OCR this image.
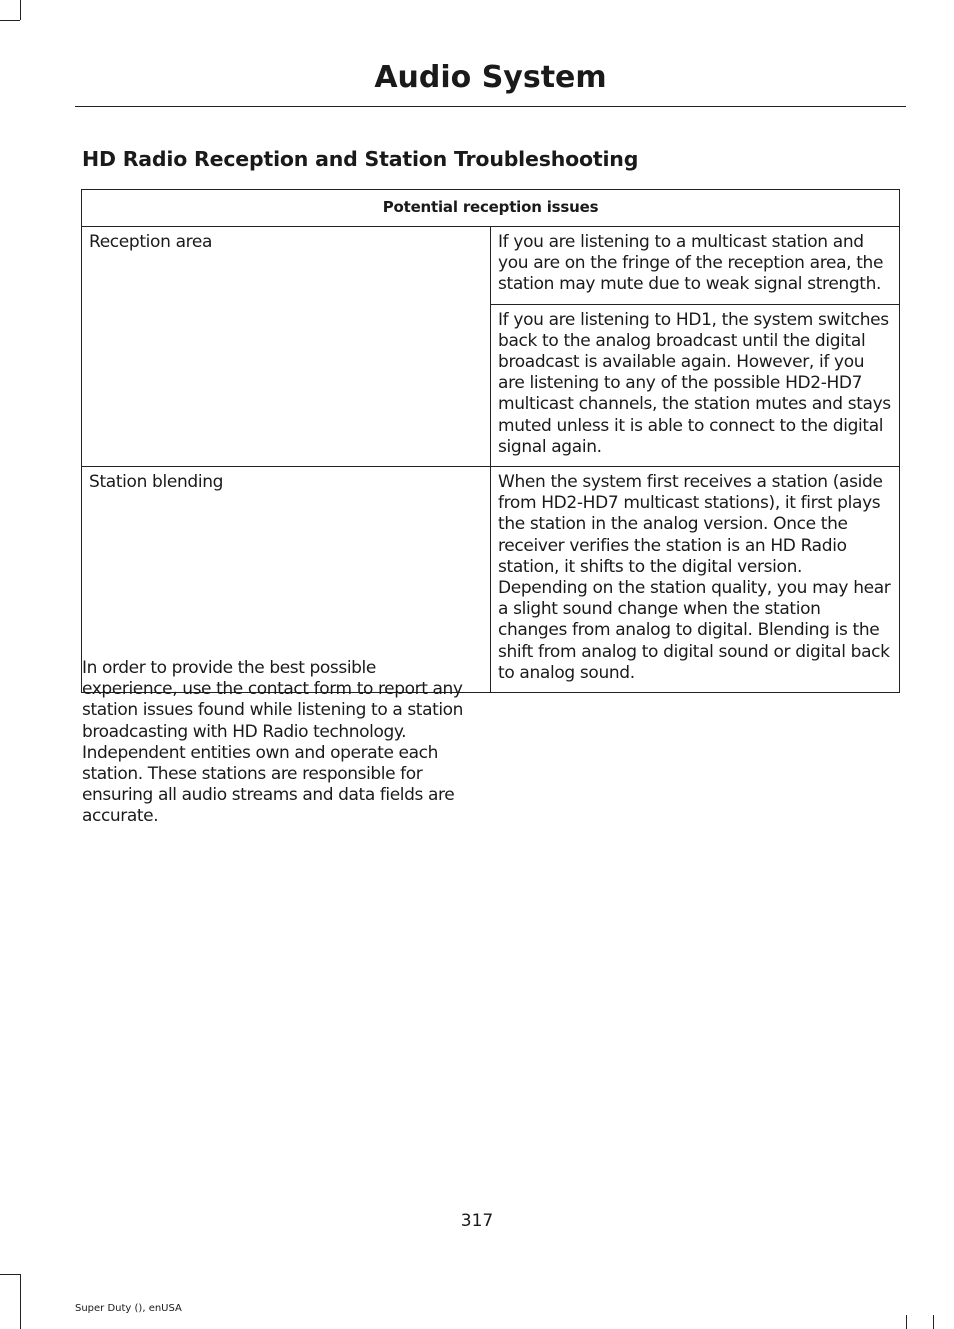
Audio System
HD Radio Reception and Station Troubleshooting
Potential reception issues	
Reception area	If you are listening to a multicast station and you are on the fringe of the reception area, the station may mute due to weak signal strength.
	If you are listening to HD1, the system switches back to the analog broadcast until the digital broadcast is available again. However, if you are listening to any of the possible HD2-HD7 multicast channels, the station mutes and stays muted unless it is able to connect to the digital signal again.
Station blending	When the system first receives a station (aside from HD2-HD7 multicast stations), it first plays the station in the analog version. Once the receiver verifies the station is an HD Radio station, it shifts to the digital version. Depending on the station quality, you may hear a slight sound change when the station changes from analog to digital. Blending is the shift from analog to digital sound or digital back to analog sound.
In order to provide the best possible experience, use the contact form to report any station issues found while listening to a station broadcasting with HD Radio technology. Independent entities own and operate each station. These stations are responsible for ensuring all audio streams and data fields are accurate.
317
Super Duty (), enUSA
